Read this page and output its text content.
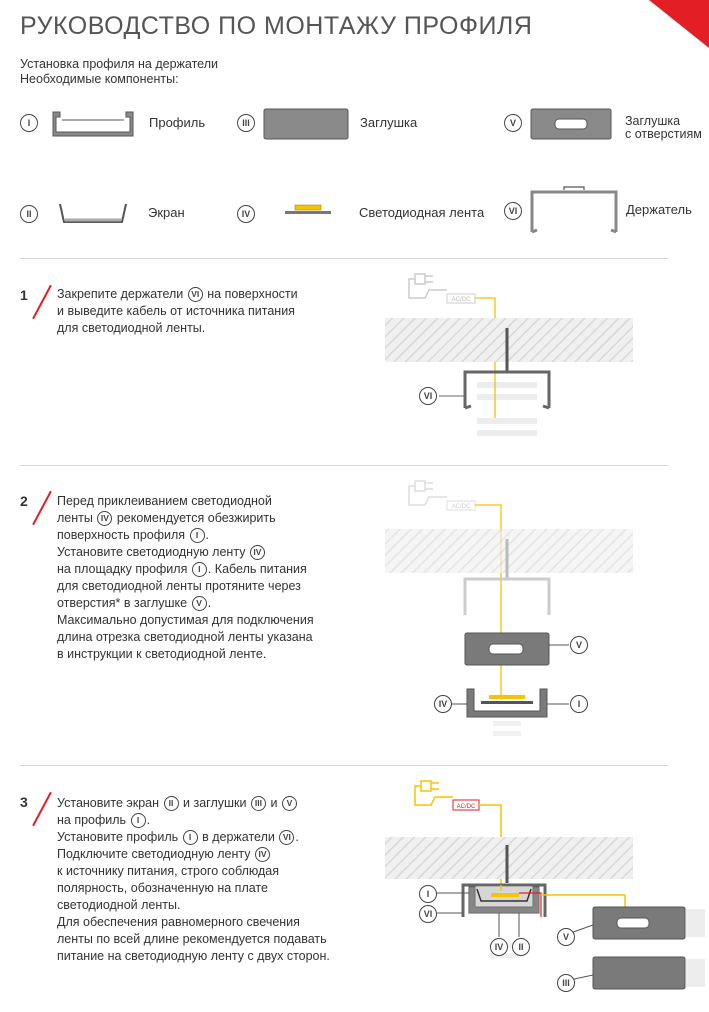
РУКОВОДСТВО ПО МОНТАЖУ ПРОФИЛЯ
Установка профиля на держатели
Необходимые компоненты:
I	Профиль	III	Заглушка	V	Заглушка
с отверстиям
II	Экран	IV	Светодиодная лента	VI	Держатель
1 Закрепите держатели VI на поверхности

и выведите кабель от источника питания

для светодиодной ленты.

AC/DC
VI
2 Перед приклеиванием светодиодной

ленты IV рекомендуется обезжирить

поверхность профиля I .

Установите светодиодную ленту IV

на площадку профиля I . Кабель питания

для светодиодной ленты протяните через

отверстия* в заглушке V .

Максимально допустимая для подключения

длина отрезка светодиодной ленты указана

в инструкции к светодиодной ленте.

AC/DC
V
IV	I
3 Установите экран II и заглушки III и V

на профиль I .

Установите профиль I в держатели VI .

Подключите светодиодную ленту IV

к источнику питания, строго соблюдая

полярность, обозначенную на плате

светодиодной ленты.

Для обеспечения равномерного свечения

ленты по всей длине рекомендуется подавать

питание на светодиодную ленту с двух сторон.

AC/DC
I
VI
IV	II
V
III
